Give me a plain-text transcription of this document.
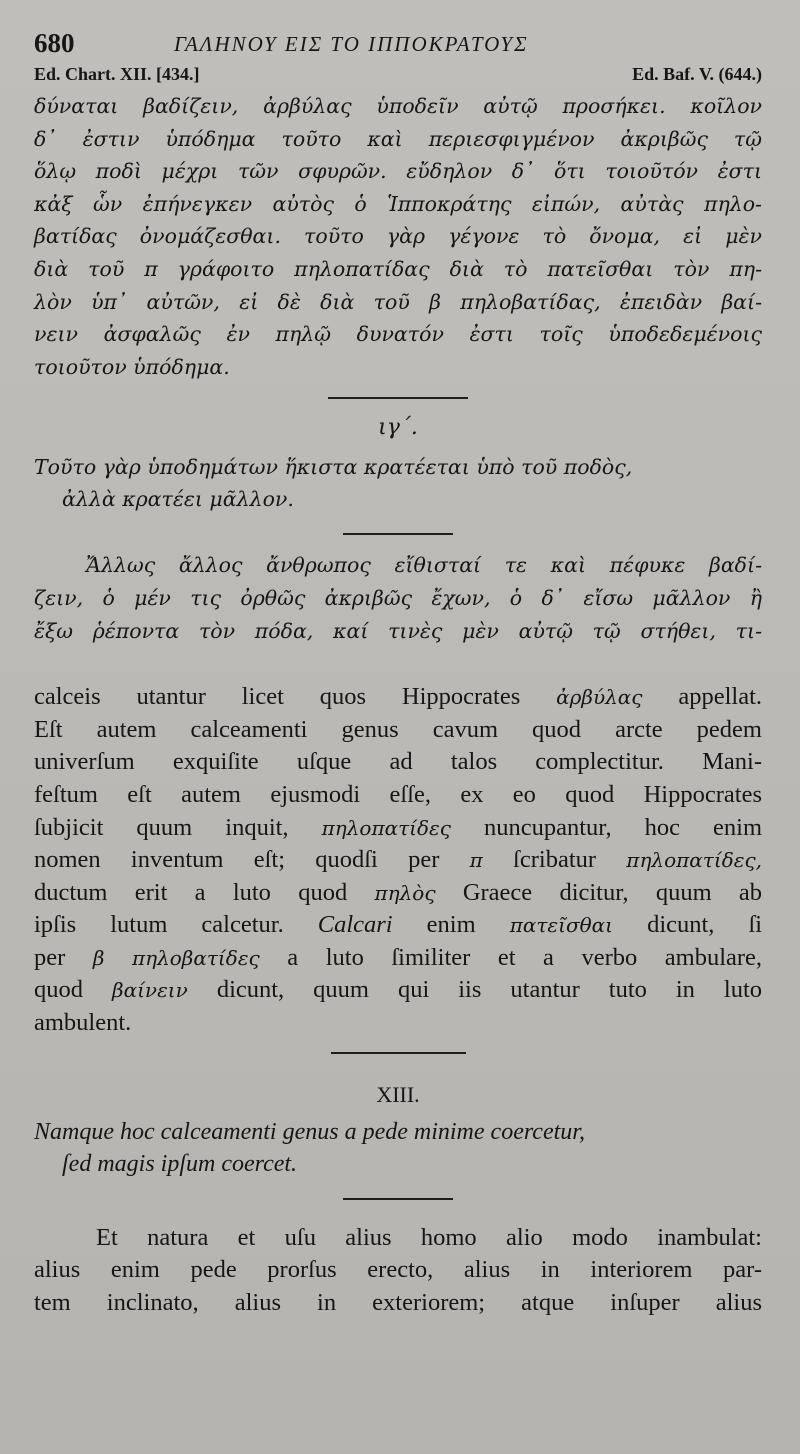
680	ΓΑΛΗΝΟΥ ΕΙΣ ΤΟ ΙΠΠΟΚΡΑΤΟΥΣ
Ed. Chart. XII. [434.]	Ed. Baf. V. (644.)
δύναται βαδίζειν, ἀρβύλας ὑποδεῖν αὐτῷ προσήκει. κοῖλον
δ᾽ ἐστιν ὑπόδημα τοῦτο καὶ περιεσφιγμένον ἀκριβῶς τῷ
ὅλῳ ποδὶ μέχρι τῶν σφυρῶν. εὔδηλον δ᾽ ὅτι τοιοῦτόν ἐστι
κἀξ ὧν ἐπήνεγκεν αὐτὸς ὁ Ἱπποκράτης εἰπών, αὐτὰς πηλο-
βατίδας ὀνομάζεσθαι. τοῦτο γὰρ γέγονε τὸ ὄνομα, εἰ μὲν
διὰ τοῦ π γράφοιτο πηλοπατίδας διὰ τὸ πατεῖσθαι τὸν πη-
λὸν ὑπ᾽ αὐτῶν, εἰ δὲ διὰ τοῦ β πηλοβατίδας, ἐπειδὰν βαί-
νειν ἀσφαλῶς ἐν πηλῷ δυνατόν ἐστι τοῖς ὑποδεδεμένοις
τοιοῦτον ὑπόδημα.
ιγ΄.
Τοῦτο γὰρ ὑποδημάτων ἥκιστα κρατέεται ὑπὸ τοῦ ποδὸς,
ἀλλὰ κρατέει μᾶλλον.
Ἄλλως ἄλλος ἄνθρωπος εἴθισταί τε καὶ πέφυκε βαδί-
ζειν, ὁ μέν τις ὀρθῶς ἀκριβῶς ἔχων, ὁ δ᾽ εἴσω μᾶλλον ἢ
ἔξω ῥέποντα τὸν πόδα, καί τινὲς μὲν αὐτῷ τῷ στήθει, τι-
calceis utantur licet quos Hippocrates ἀρβύλας appellat.
Eſt autem calceamenti genus cavum quod arcte pedem
univerſum exquiſite uſque ad talos complectitur. Mani-
feſtum eſt autem ejusmodi eſſe, ex eo quod Hippocrates
ſubjicit quum inquit, πηλοπατίδες nuncupantur, hoc enim
nomen inventum eſt; quodſi per π ſcribatur πηλοπατίδες,
ductum erit a luto quod πηλὸς Graece dicitur, quum ab
ipſis lutum calcetur. Calcari enim πατεῖσθαι dicunt, ſi
per β πηλοβατίδες a luto ſimiliter et a verbo ambulare,
quod βαίνειν dicunt, quum qui iis utantur tuto in luto
ambulent.
XIII.
Namque hoc calceamenti genus a pede minime coercetur,
ſed magis ipſum coercet.
Et natura et uſu alius homo alio modo inambulat:
alius enim pede prorſus erecto, alius in interiorem par-
tem inclinato, alius in exteriorem; atque inſuper alius
